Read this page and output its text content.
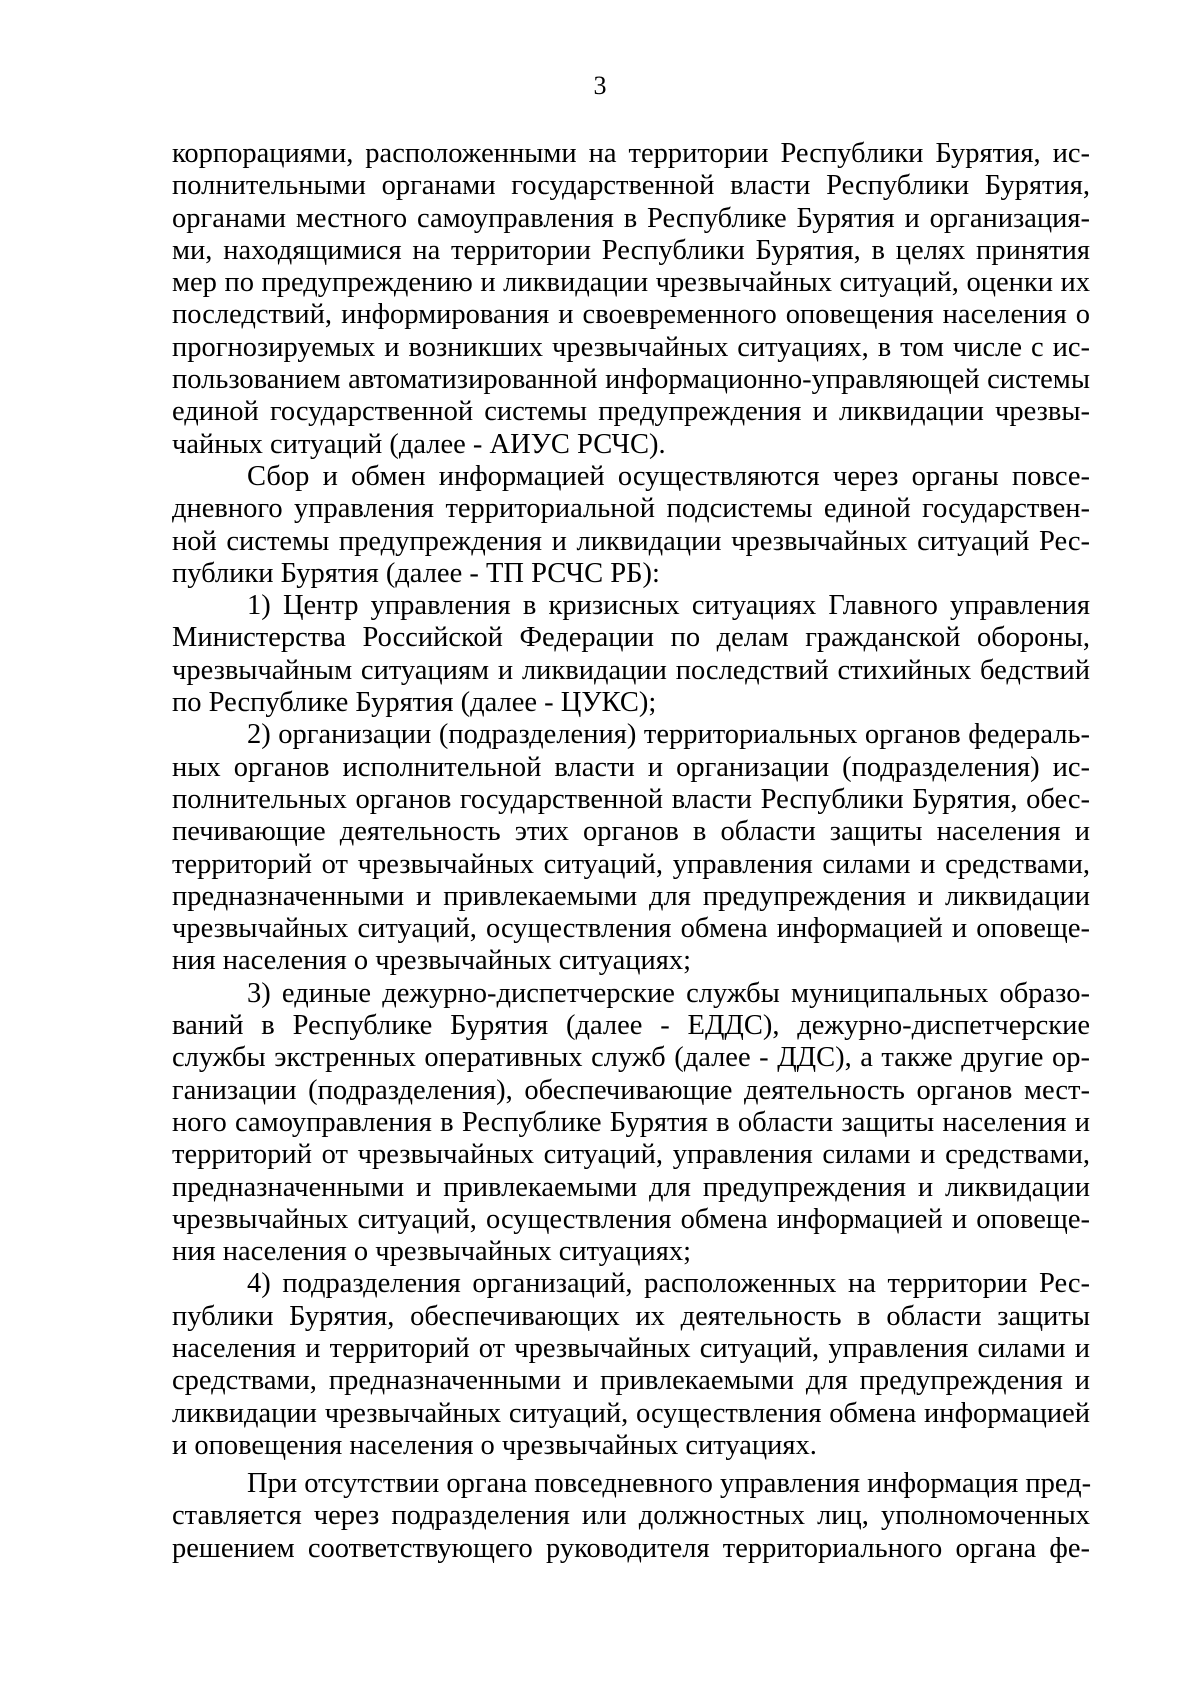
3
корпорациями, расположенными на территории Республики Бурятия, ис-
полнительными органами государственной власти Республики Бурятия,
органами местного самоуправления в Республике Бурятия и организация-
ми, находящимися на территории Республики Бурятия, в целях принятия
мер по предупреждению и ликвидации чрезвычайных ситуаций, оценки их
последствий, информирования и своевременного оповещения населения о
прогнозируемых и возникших чрезвычайных ситуациях, в том числе с ис-
пользованием автоматизированной информационно-управляющей системы
единой государственной системы предупреждения и ликвидации чрезвы-
чайных ситуаций (далее - АИУС РСЧС).
Сбор и обмен информацией осуществляются через органы повсе-
дневного управления территориальной подсистемы единой государствен-
ной системы предупреждения и ликвидации чрезвычайных ситуаций Рес-
публики Бурятия (далее - ТП РСЧС РБ):
1) Центр управления в кризисных ситуациях Главного управления
Министерства Российской Федерации по делам гражданской обороны,
чрезвычайным ситуациям и ликвидации последствий стихийных бедствий
по Республике Бурятия (далее - ЦУКС);
2) организации (подразделения) территориальных органов федераль-
ных органов исполнительной власти и организации (подразделения) ис-
полнительных органов государственной власти Республики Бурятия, обес-
печивающие деятельность этих органов в области защиты населения и
территорий от чрезвычайных ситуаций, управления силами и средствами,
предназначенными и привлекаемыми для предупреждения и ликвидации
чрезвычайных ситуаций, осуществления обмена информацией и оповеще-
ния населения о чрезвычайных ситуациях;
3) единые дежурно-диспетчерские службы муниципальных образо-
ваний в Республике Бурятия (далее - ЕДДС), дежурно-диспетчерские
службы экстренных оперативных служб (далее - ДДС), а также другие ор-
ганизации (подразделения), обеспечивающие деятельность органов мест-
ного самоуправления в Республике Бурятия в области защиты населения и
территорий от чрезвычайных ситуаций, управления силами и средствами,
предназначенными и привлекаемыми для предупреждения и ликвидации
чрезвычайных ситуаций, осуществления обмена информацией и оповеще-
ния населения о чрезвычайных ситуациях;
4) подразделения организаций, расположенных на территории Рес-
публики Бурятия, обеспечивающих их деятельность в области защиты
населения и территорий от чрезвычайных ситуаций, управления силами и
средствами, предназначенными и привлекаемыми для предупреждения и
ликвидации чрезвычайных ситуаций, осуществления обмена информацией
и оповещения населения о чрезвычайных ситуациях.
При отсутствии органа повседневного управления информация пред-
ставляется через подразделения или должностных лиц, уполномоченных
решением соответствующего руководителя территориального органа фе-
